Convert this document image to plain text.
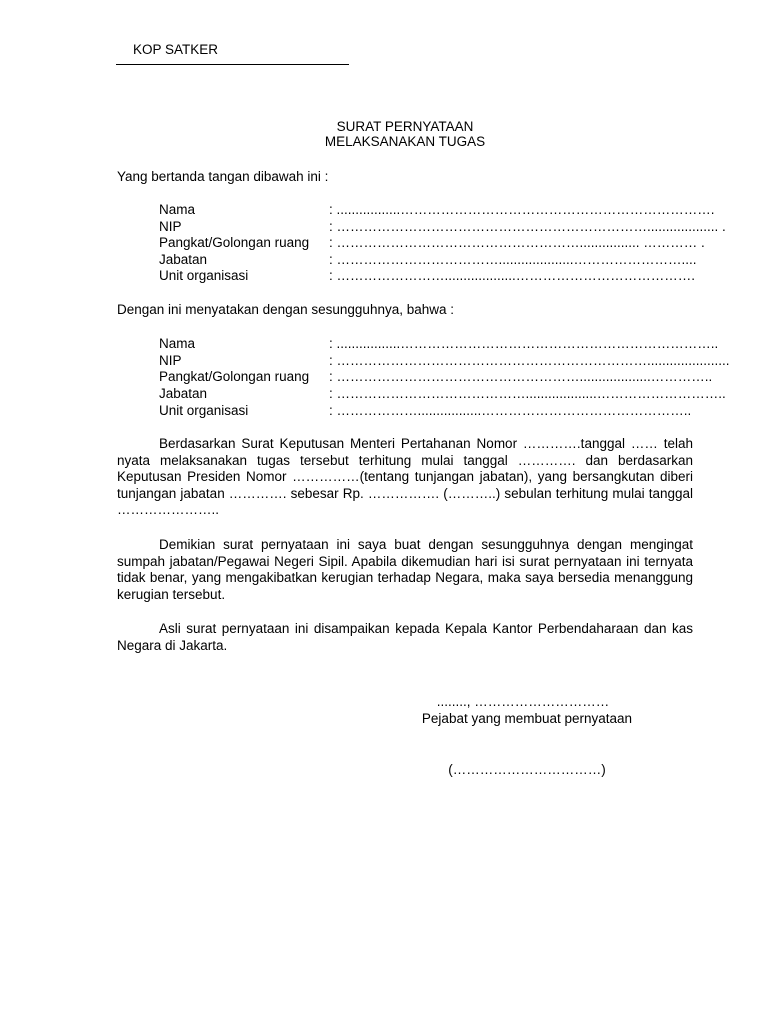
KOP SATKER
SURAT PERNYATAAN
MELAKSANAKAN TUGAS
Yang bertanda tangan dibawah ini :
Nama	: .................…………………………………………………………….
NIP	: ……………………………………………………………................... .
Pangkat/Golongan ruang : ………………………………………………................ ………… .
Jabatan	: ………………………………....................……………………....
Unit organisasi	: ……………………...................………………………………….
Dengan ini menyatakan dengan sesungguhnya, bahwa :
Nama	: .................……………………………………………………………..
NIP	: ……………………………………………………………......................
Pangkat/Golongan ruang : ………………………………………………...................…………..
Jabatan	: ……………………………………...................………………………..
Unit organisasi	: ……………….................………………………………………..
Berdasarkan Surat Keputusan Menteri Pertahanan Nomor ………….tanggal …… telah nyata melaksanakan tugas tersebut terhitung mulai tanggal …………. dan berdasarkan Keputusan Presiden Nomor ……………(tentang tunjangan jabatan), yang bersangkutan diberi tunjangan jabatan …………. sebesar Rp. ……………. (………..) sebulan terhitung mulai tanggal …………………..
Demikian surat pernyataan ini saya buat dengan sesungguhnya dengan mengingat sumpah jabatan/Pegawai Negeri Sipil. Apabila dikemudian hari isi surat pernyataan ini ternyata tidak benar, yang mengakibatkan kerugian terhadap Negara, maka saya bersedia menanggung kerugian tersebut.
Asli surat pernyataan ini disampaikan kepada Kepala Kantor Perbendaharaan dan kas Negara di Jakarta.
........, …………………………
Pejabat yang membuat pernyataan
(……………………………)
